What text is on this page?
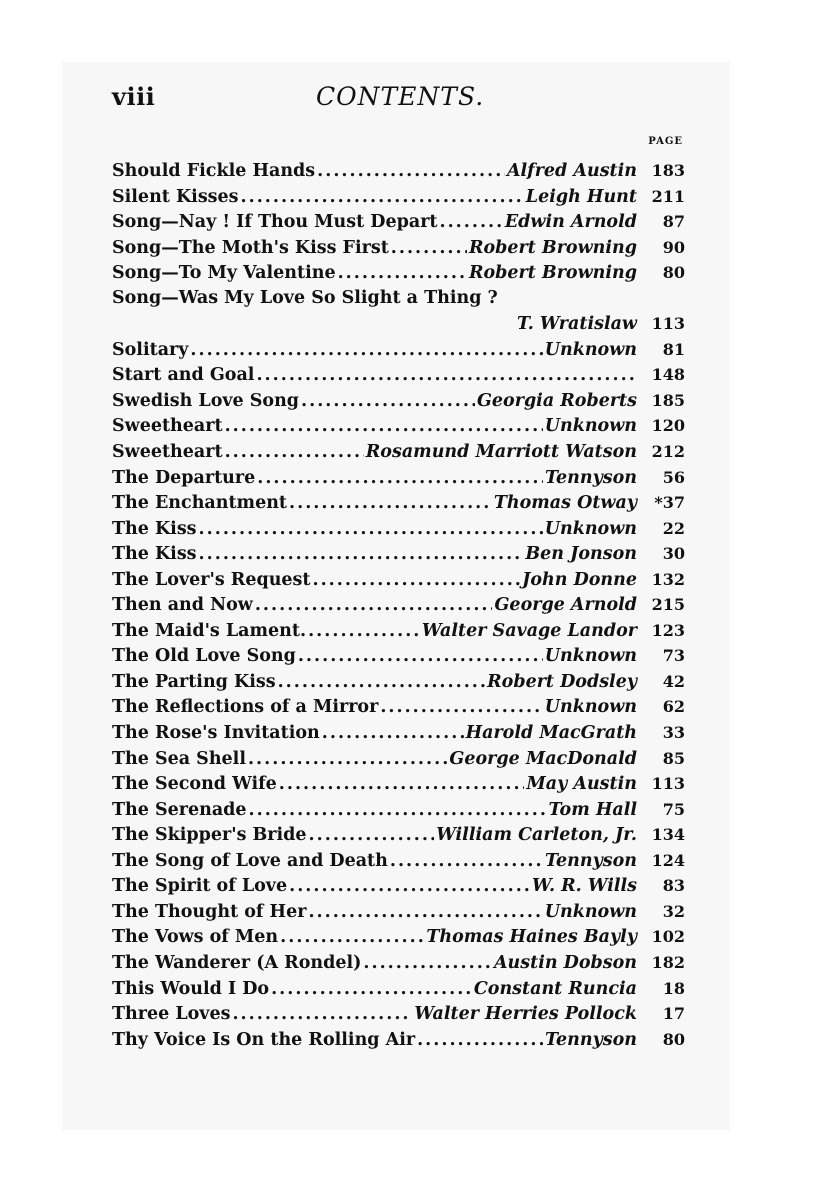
viii	CONTENTS.
PAGE
Should Fickle Hands .....	Alfred Austin 183
Silent Kisses .....	Leigh Hunt 211
Song—Nay ! If Thou Must Depart .....	Edwin Arnold	87
Song—The Moth's Kiss First .....	Robert Browning	90
Song—To My Valentine .....	Robert Browning	80
Song—Was My Love So Slight a Thing ?
T. Wratislaw 113
Solitary .....	Unknown	81
Start and Goal .....	148
Swedish Love Song .....	Georgia Roberts 185
Sweetheart .....	Unknown 120
Sweetheart .....	Rosamund Marriott Watson 212
The Departure .....	Tennyson	56
The Enchantment .....	Thomas Otway	*37
The Kiss .....	Unknown	22
The Kiss .....	Ben Jonson	30
The Lover's Request .....	John Donne 132
Then and Now .....	George Arnold 215
The Maid's Lament. .....	Walter Savage Landor 123
The Old Love Song .....	Unknown	73
The Parting Kiss .....	Robert Dodsley	42
The Reflections of a Mirror .....	Unknown	62
The Rose's Invitation .....	Harold MacGrath	33
The Sea Shell .....	George MacDonald	85
The Second Wife .....	May Austin 113
The Serenade .....	Tom Hall	75
The Skipper's Bride .....	William Carleton, Jr. 134
The Song of Love and Death .....	Tennyson 124
The Spirit of Love .....	W. R. Wills	83
The Thought of Her .....	Unknown	32
The Vows of Men .....	Thomas Haines Bayly 102
The Wanderer (A Rondel) .....	Austin Dobson 182
This Would I Do .....	Constant Runcia	18
Three Loves .....	Walter Herries Pollock	17
Thy Voice Is On the Rolling Air .....	Tennyson	80
